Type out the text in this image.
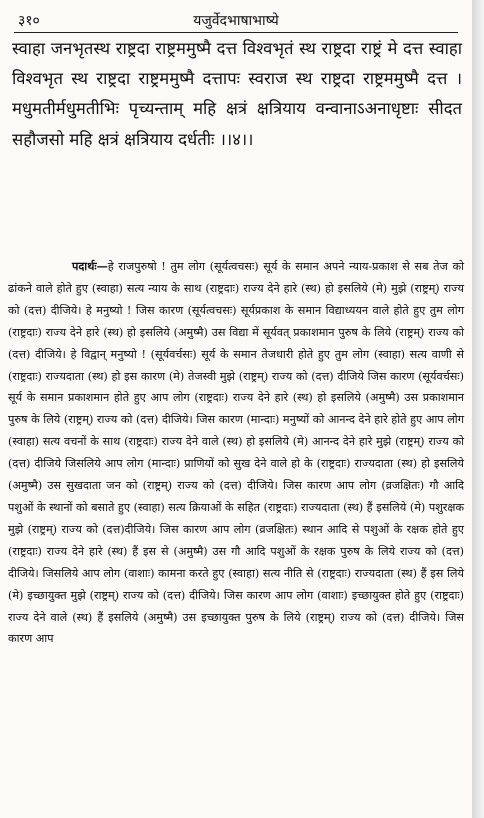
३१०	यजुर्वेदभाषाभाष्ये

स्वाहा जनभृतस्थ राष्ट्रदा राष्ट्रममुष्मै दत्त विश्वभृतं स्थ राष्ट्रदा राष्ट्रं मे दत्त स्वाहा विश्वभृत स्थ राष्ट्रदा राष्ट्रममुष्मै दत्तापः स्वराज स्थ राष्ट्रदा राष्ट्रममुष्मै दत्त । मधुमतीर्मधुमतीभिः पृच्यन्ताम् महि क्षत्रं क्षत्रियाय वन्वानाऽअनाधृष्टाः सीदत सहौजसो महि क्षत्रं क्षत्रियाय दर्धतीः ।।४।।

पदार्थः—हे राजपुरुषो ! तुम लोग (सूर्यत्वचसः) सूर्य के समान अपने न्याय-प्रकाश से सब तेज को ढांकने वाले होते हुए (स्वाहा) सत्य न्याय के साथ (राष्ट्रदाः) राज्य देने हारे (स्थ) हो इसलिये (मे) मुझे (राष्ट्रम्) राज्य को (दत्त) दीजिये। हे मनुष्यो ! जिस कारण (सूर्यत्वचसः) सूर्यप्रकाश के समान विद्याध्ययन वाले होते हुए तुम लोग (राष्ट्रदाः) राज्य देने हारे (स्थ) हो इसलिये (अमुष्मै) उस विद्या में सूर्यवत् प्रकाशमान पुरुष के लिये (राष्ट्रम्) राज्य को (दत्त) दीजिये। हे विद्वान् मनुष्यो ! (सूर्यवर्चसः) सूर्य के समान तेजधारी होते हुए तुम लोग (स्वाहा) सत्य वाणी से (राष्ट्रदाः) राज्यदाता (स्थ) हो इस कारण (मे) तेजस्वी मुझे (राष्ट्रम्) राज्य को (दत्त) दीजिये जिस कारण (सूर्यवर्चसः) सूर्य के समान प्रकाशमान होते हुए आप लोग (राष्ट्रदाः) राज्य देने हारे (स्थ) हो इसलिये (अमुष्मै) उस प्रकाशमान पुरुष के लिये (राष्ट्रम्) राज्य को (दत्त) दीजिये। जिस कारण (मान्दाः) मनुष्यों को आनन्द देने हारे होते हुए आप लोग (स्वाहा) सत्य वचनों के साथ (राष्ट्रदाः) राज्य देने वाले (स्थ) हो इसलिये (मे) आनन्द देने हारे मुझे (राष्ट्रम्) राज्य को (दत्त) दीजिये जिसलिये आप लोग (मान्दाः) प्राणियों को सुख देने वाले हो के (राष्ट्रदाः) राज्यदाता (स्थ) हो इसलिये (अमुष्मै) उस सुखदाता जन को (राष्ट्रम्) राज्य को (दत्त) दीजिये। जिस कारण आप लोग (व्रजक्षितः) गौ आदि पशुओं के स्थानों को बसाते हुए (स्वाहा) सत्य क्रियाओं के सहित (राष्ट्रदाः) राज्यदाता (स्थ) हैं इसलिये (मे) पशुरक्षक मुझे (राष्ट्रम्) राज्य को (दत्त)दीजिये। जिस कारण आप लोग (व्रजक्षितः) स्थान आदि से पशुओं के रक्षक होते हुए (राष्ट्रदाः) राज्य देने हारे (स्थ) हैं इस से (अमुष्मै) उस गौ आदि पशुओं के रक्षक पुरुष के लिये राज्य को (दत्त) दीजिये। जिसलिये आप लोग (वाशाः) कामना करते हुए (स्वाहा) सत्य नीति से (राष्ट्रदाः) राज्यदाता (स्थ) हैं इस लिये (मे) इच्छायुक्त मुझे (राष्ट्रम्) राज्य को (दत्त) दीजिये। जिस कारण आप लोग (वाशाः) इच्छायुक्त होते हुए (राष्ट्रदाः) राज्य देने वाले (स्थ) हैं इसलिये (अमुष्मै) उस इच्छायुक्त पुरुष के लिये (राष्ट्रम्) राज्य को (दत्त) दीजिये। जिस कारण आप
